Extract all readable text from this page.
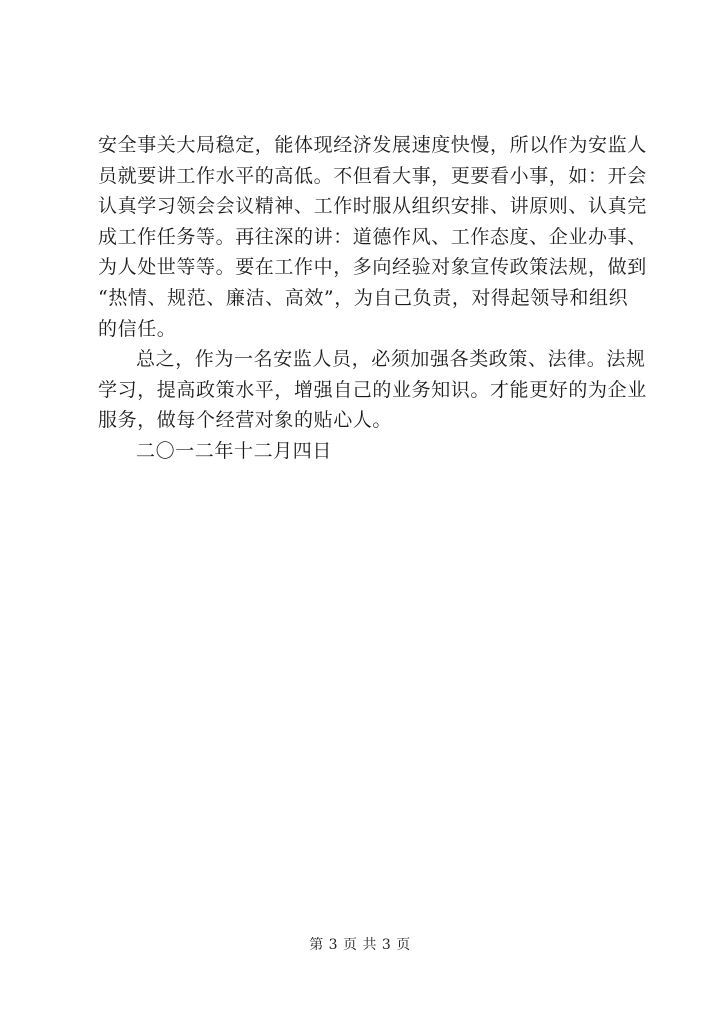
安全事关大局稳定，能体现经济发展速度快慢，所以作为安监人
员就要讲工作水平的高低。不但看大事，更要看小事，如：开会
认真学习领会会议精神、工作时服从组织安排、讲原则、认真完
成工作任务等。再往深的讲：道德作风、工作态度、企业办事、
为人处世等等。要在工作中，多向经验对象宣传政策法规，做到
“热情、规范、廉洁、高效”，为自己负责，对得起领导和组织
的信任。
总之，作为一名安监人员，必须加强各类政策、法律。法规
学习，提高政策水平，增强自己的业务知识。才能更好的为企业
服务，做每个经营对象的贴心人。
二〇一二年十二月四日
第 3 页 共 3 页
